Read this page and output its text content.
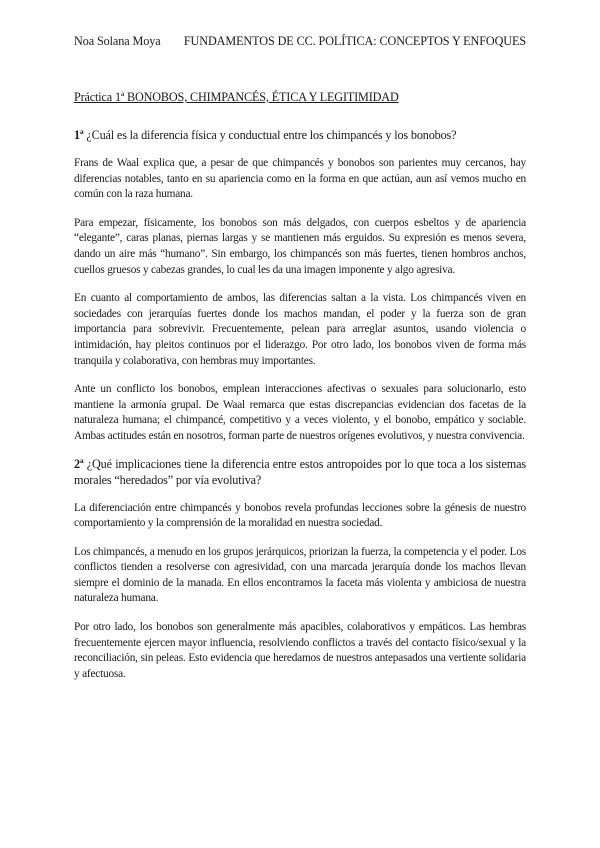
Noa Solana Moya	FUNDAMENTOS DE CC. POLÍTICA: CONCEPTOS Y ENFOQUES
Práctica 1ª BONOBOS, CHIMPANCÉS, ÉTICA Y LEGITIMIDAD
1ª ¿Cuál es la diferencia física y conductual entre los chimpancés y los bonobos?

Frans de Waal explica que, a pesar de que chimpancés y bonobos son parientes muy cercanos, hay diferencias notables, tanto en su apariencia como en la forma en que actúan, aun así vemos mucho en común con la raza humana.

Para empezar, físicamente, los bonobos son más delgados, con cuerpos esbeltos y de apariencia “elegante”, caras planas, piernas largas y se mantienen más erguidos. Su expresión es menos severa, dando un aire más “humano”. Sin embargo, los chimpancés son más fuertes, tienen hombros anchos, cuellos gruesos y cabezas grandes, lo cual les da una imagen imponente y algo agresiva.

En cuanto al comportamiento de ambos, las diferencias saltan a la vista. Los chimpancés viven en sociedades con jerarquías fuertes donde los machos mandan, el poder y la fuerza son de gran importancia para sobrevivir. Frecuentemente, pelean para arreglar asuntos, usando violencia o intimidación, hay pleitos continuos por el liderazgo. Por otro lado, los bonobos viven de forma más tranquila y colaborativa, con hembras muy importantes.

Ante un conflicto los bonobos, emplean interacciones afectivas o sexuales para solucionarlo, esto mantiene la armonía grupal. De Waal remarca que estas discrepancias evidencian dos facetas de la naturaleza humana; el chimpancé, competitivo y a veces violento, y el bonobo, empático y sociable. Ambas actitudes están en nosotros, forman parte de nuestros orígenes evolutivos, y nuestra convivencia.

2ª ¿Qué implicaciones tiene la diferencia entre estos antropoides por lo que toca a los sistemas morales “heredados” por vía evolutiva?

La diferenciación entre chimpancés y bonobos revela profundas lecciones sobre la génesis de nuestro comportamiento y la comprensión de la moralidad en nuestra sociedad.

Los chimpancés, a menudo en los grupos jerárquicos, priorizan la fuerza, la competencia y el poder. Los conflictos tienden a resolverse con agresividad, con una marcada jerarquía donde los machos llevan siempre el dominio de la manada. En ellos encontramos la faceta más violenta y ambiciosa de nuestra naturaleza humana.

Por otro lado, los bonobos son generalmente más apacibles, colaborativos y empáticos. Las hembras frecuentemente ejercen mayor influencia, resolviendo conflictos a través del contacto físico/sexual y la reconciliación, sin peleas. Esto evidencia que heredamos de nuestros antepasados una vertiente solidaria y afectuosa.
